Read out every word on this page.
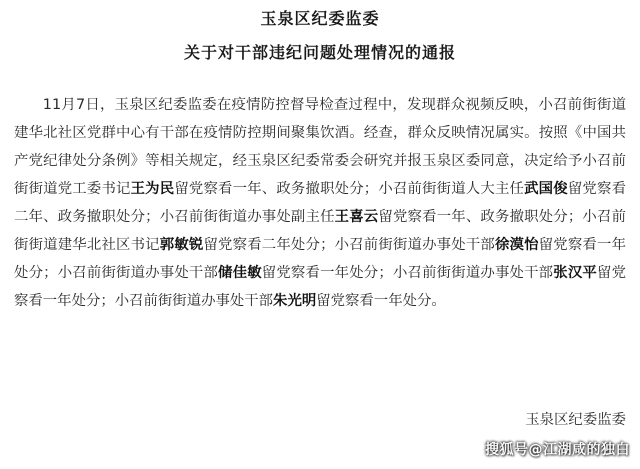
玉泉区纪委监委
关于对干部违纪问题处理情况的通报
11月7日，玉泉区纪委监委在疫情防控督导检查过程中，发现群众视频反映，小召前街街道建华北社区党群中心有干部在疫情防控期间聚集饮酒。经查，群众反映情况属实。按照《中国共产党纪律处分条例》等相关规定，经玉泉区纪委常委会研究并报玉泉区委同意，决定给予小召前街街道党工委书记王为民留党察看一年、政务撤职处分；小召前街街道人大主任武国俊留党察看二年、政务撤职处分；小召前街街道办事处副主任王喜云留党察看一年、政务撤职处分；小召前街街道建华北社区书记郭敏锐留党察看二年处分；小召前街街道办事处干部徐漠怡留党察看一年处分；小召前街街道办事处干部储佳敏留党察看一年处分；小召前街街道办事处干部张汉平留党察看一年处分；小召前街街道办事处干部朱光明留党察看一年处分。
玉泉区纪委监委
搜狐号@江湖咸的独白
